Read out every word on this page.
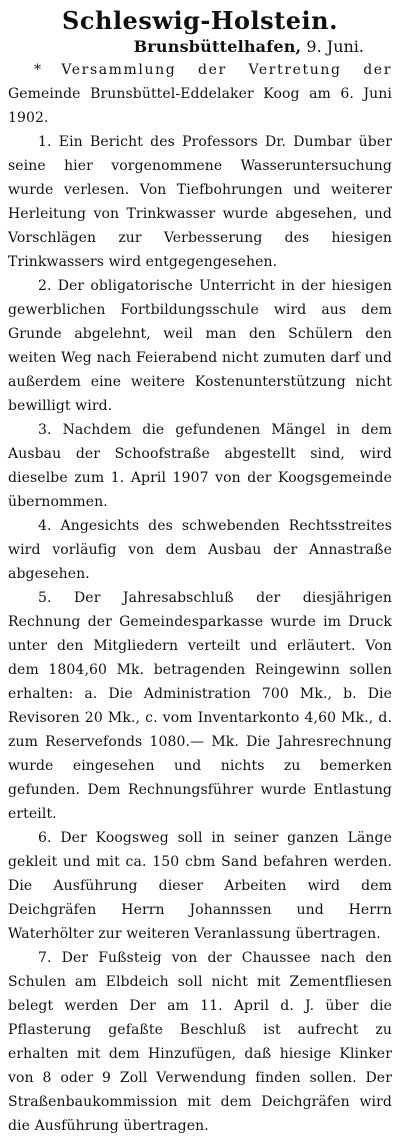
Schleswig-Holstein.
Brunsbüttelhafen, 9. Juni.

* Versammlung der Vertretung der Gemeinde Brunsbüttel-Eddelaker Koog am 6. Juni 1902.

1. Ein Bericht des Professors Dr. Dumbar über seine hier vorgenommene Wasseruntersuchung wurde verlesen. Von Tiefbohrungen und weiterer Herleitung von Trinkwasser wurde abgesehen, und Vorschlägen zur Verbesserung des hiesigen Trinkwassers wird entgegengesehen.

2. Der obligatorische Unterricht in der hiesigen gewerblichen Fortbildungsschule wird aus dem Grunde abgelehnt, weil man den Schülern den weiten Weg nach Feierabend nicht zumuten darf und außerdem eine weitere Kostenunterstützung nicht bewilligt wird.

3. Nachdem die gefundenen Mängel in dem Ausbau der Schoofstraße abgestellt sind, wird dieselbe zum 1. April 1907 von der Koogsgemeinde übernommen.

4. Angesichts des schwebenden Rechtsstreites wird vorläufig von dem Ausbau der Annastraße abgesehen.

5. Der Jahresabschluß der diesjährigen Rechnung der Gemeindesparkasse wurde im Druck unter den Mitgliedern verteilt und erläutert. Von dem 1804,60 Mk. betragenden Reingewinn sollen erhalten: a. Die Administration 700 Mk., b. Die Revisoren 20 Mk., c. vom Inventarkonto 4,60 Mk., d. zum Reservefonds 1080.— Mk. Die Jahresrechnung wurde eingesehen und nichts zu bemerken gefunden. Dem Rechnungsführer wurde Entlastung erteilt.

6. Der Koogsweg soll in seiner ganzen Länge gekleit und mit ca. 150 cbm Sand befahren werden. Die Ausführung dieser Arbeiten wird dem Deichgräfen Herrn Johannssen und Herrn Waterhölter zur weiteren Veranlassung übertragen.

7. Der Fußsteig von der Chaussee nach den Schulen am Elbdeich soll nicht mit Zementfliesen belegt werden Der am 11. April d. J. über die Pflasterung gefaßte Beschluß ist aufrecht zu erhalten mit dem Hinzufügen, daß hiesige Klinker von 8 oder 9 Zoll Verwendung finden sollen. Der Straßenbaukommission mit dem Deichgräfen wird die Ausführung übertragen.
